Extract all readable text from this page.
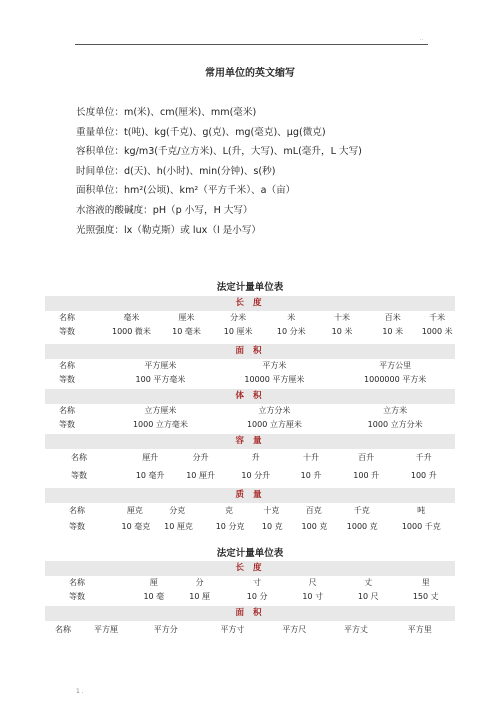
..
常用单位的英文缩写
长度单位：m(米)、cm(厘米)、mm(毫米)
重量单位：t(吨)、kg(千克)、g(克)、mg(毫克)、μg(微克)
容积单位：kg/m3(千克/立方米)、L(升，大写)、mL(毫升，L 大写)
时间单位：d(天)、h(小时)、min(分钟)、s(秒)
面积单位：hm²(公顷)、km²（平方千米）、a（亩）
水溶液的酸碱度：pH（p 小写，H 大写）
光照强度：lx（勒克斯）或 lux（l 是小写）
法定计量单位表
长 度
名称	毫米	厘米	分米	米	十米	百米	千米
等数	1000 微米	10 毫米	10 厘米	10 分米	10 米	10 米	1000 米
面 积
名称	平方厘米	平方米	平方公里
等数	100 平方毫米	10000 平方厘米	1000000 平方米
体 积
名称	立方厘米	立方分米	立方米
等数	1000 立方毫米	1000 立方厘米	1000 立方分米
容 量
名称	厘升	分升	升	十升	百升	千升
等数	10 毫升	10 厘升	10 分升	10 升	100 升	100 升
质 量
名称	厘克	分克	克	十克	百克	千克	吨
等数	10 毫克	10 厘克	10 分克	10 克	100 克	1000 克	1000 千克
法定计量单位表
长 度
名称	厘	分	寸	尺	丈	里
等数	10 毫	10 厘	10 分	10 寸	10 尺	150 丈
面 积
名称	平方厘	平方分	平方寸	平方尺	平方丈	平方里
1 .
